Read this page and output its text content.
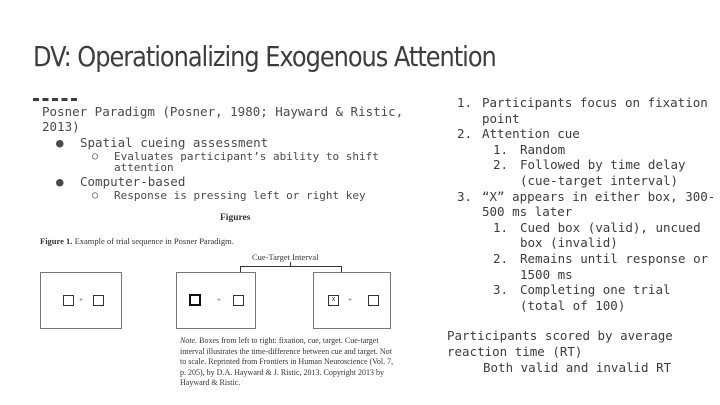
DV: Operationalizing Exogenous Attention
Posner Paradigm (Posner, 1980; Hayward & Ristic, 2013)
● Spatial cueing assessment
○ Evaluates participant’s ability to shift attention
● Computer-based
○ Response is pressing left or right key
Figures
Figure 1. Example of trial sequence in Posner Paradigm.
Cue-Target Interval
+	+	x	+
Note. Boxes from left to right: fixation, cue, target. Cue-target interval illustrates the time-difference between cue and target. Not to scale. Reprinted from Frontiers in Human Neuroscience (Vol. 7, p. 205), by D.A. Hayward & J. Ristic, 2013. Copyright 2013 by Hayward & Ristic.
1. Participants focus on fixation point
2. Attention cue
1. Random
2. Followed by time delay (cue-target interval)
3. “X” appears in either box, 300-500 ms later
1. Cued box (valid), uncued box (invalid)
2. Remains until response or 1500 ms
3. Completing one trial (total of 100)
Participants scored by average reaction time (RT)
Both valid and invalid RT
